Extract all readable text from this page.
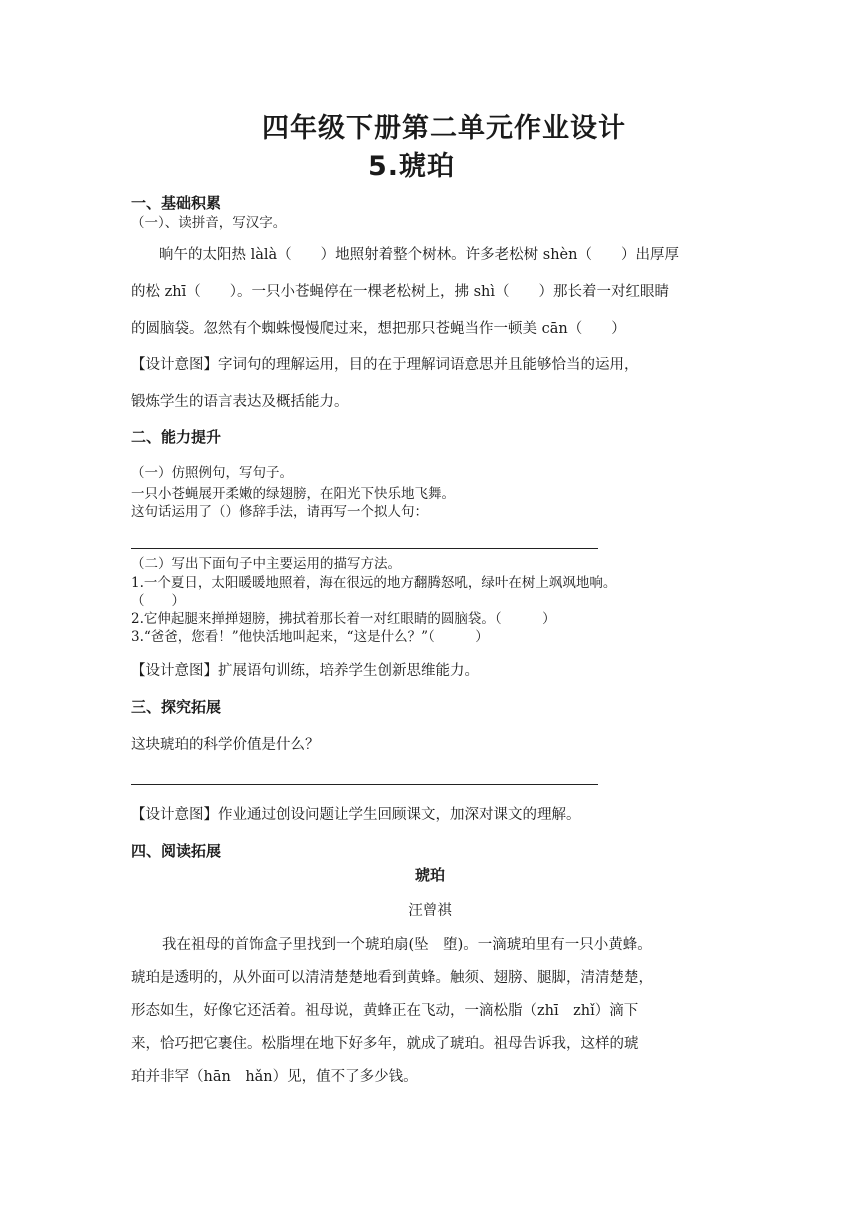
四年级下册第二单元作业设计
5.琥珀
一、基础积累
（一）、读拼音，写汉字。
晌午的太阳热 làlà（　　）地照射着整个树林。许多老松树 shèn（　　）出厚厚
的松 zhī（　　）。一只小苍蝇停在一棵老松树上，拂 shì（　　）那长着一对红眼睛
的圆脑袋。忽然有个蜘蛛慢慢爬过来，想把那只苍蝇当作一顿美 cān（　　）
【设计意图】字词句的理解运用，目的在于理解词语意思并且能够恰当的运用，
锻炼学生的语言表达及概括能力。
二、能力提升
（一）仿照例句，写句子。
一只小苍蝇展开柔嫩的绿翅膀，在阳光下快乐地飞舞。
这句话运用了（）修辞手法，请再写一个拟人句：
（二）写出下面句子中主要运用的描写方法。
1.一个夏日，太阳暖暖地照着，海在很远的地方翻腾怒吼，绿叶在树上飒飒地响。
（　　）
2.它伸起腿来掸掸翅膀，拂拭着那长着一对红眼睛的圆脑袋。（　　　）
3.“爸爸，您看！”他快活地叫起来，“这是什么？”（　　　）
【设计意图】扩展语句训练，培养学生创新思维能力。
三、探究拓展
这块琥珀的科学价值是什么？
【设计意图】作业通过创设问题让学生回顾课文，加深对课文的理解。
四、阅读拓展
琥珀
汪曾祺
我在祖母的首饰盒子里找到一个琥珀扇(坠　堕)。一滴琥珀里有一只小黄蜂。
琥珀是透明的，从外面可以清清楚楚地看到黄蜂。触须、翅膀、腿脚，清清楚楚，
形态如生，好像它还活着。祖母说，黄蜂正在飞动，一滴松脂（zhī　zhǐ）滴下
来，恰巧把它裹住。松脂埋在地下好多年，就成了琥珀。祖母告诉我，这样的琥
珀并非罕（hān　hǎn）见，值不了多少钱。
